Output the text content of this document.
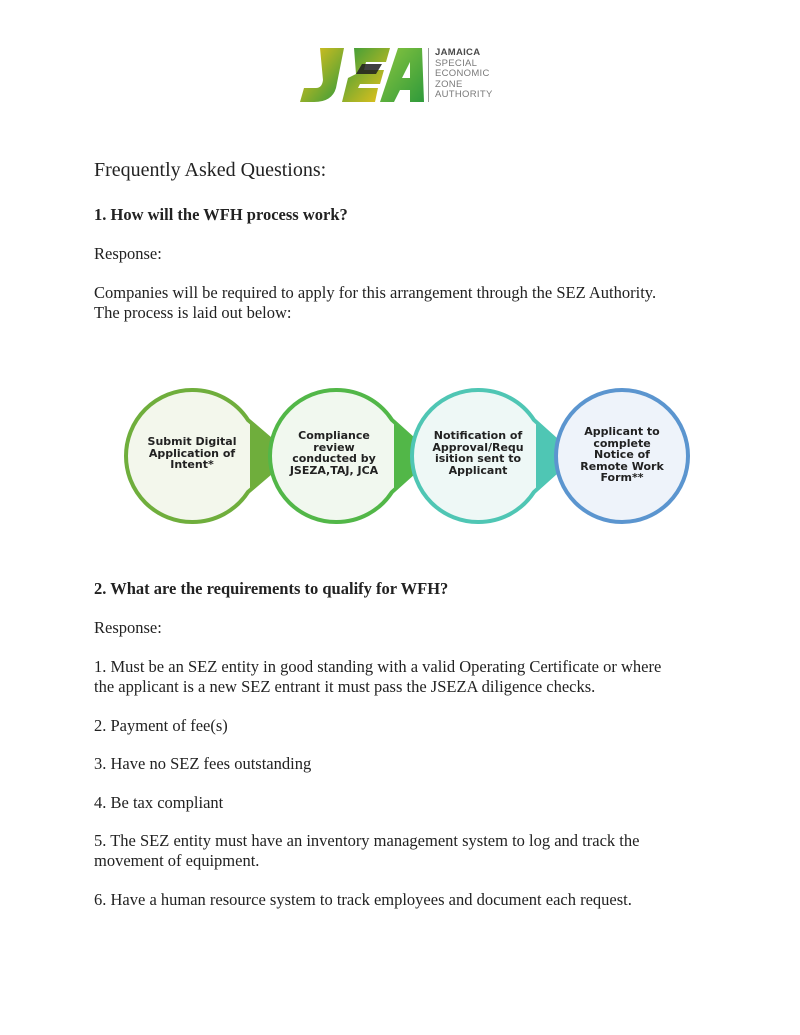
JAMAICA
SPECIAL
ECONOMIC
ZONE
AUTHORITY
Frequently Asked Questions:
1. How will the WFH process work?
Response:
Companies will be required to apply for this arrangement through the SEZ Authority.
The process is laid out below:
Submit Digital
Application of
Intent*
Compliance
review
conducted by
JSEZA,TAJ, JCA
Notification of
Approval/Requ
isition sent to
Applicant
Applicant to
complete
Notice of
Remote Work
Form**
2. What are the requirements to qualify for WFH?
Response:
1. Must be an SEZ entity in good standing with a valid Operating Certificate or where
the applicant is a new SEZ entrant it must pass the JSEZA diligence checks.
2. Payment of fee(s)
3. Have no SEZ fees outstanding
4. Be tax compliant
5. The SEZ entity must have an inventory management system to log and track the
movement of equipment.
6. Have a human resource system to track employees and document each request.
